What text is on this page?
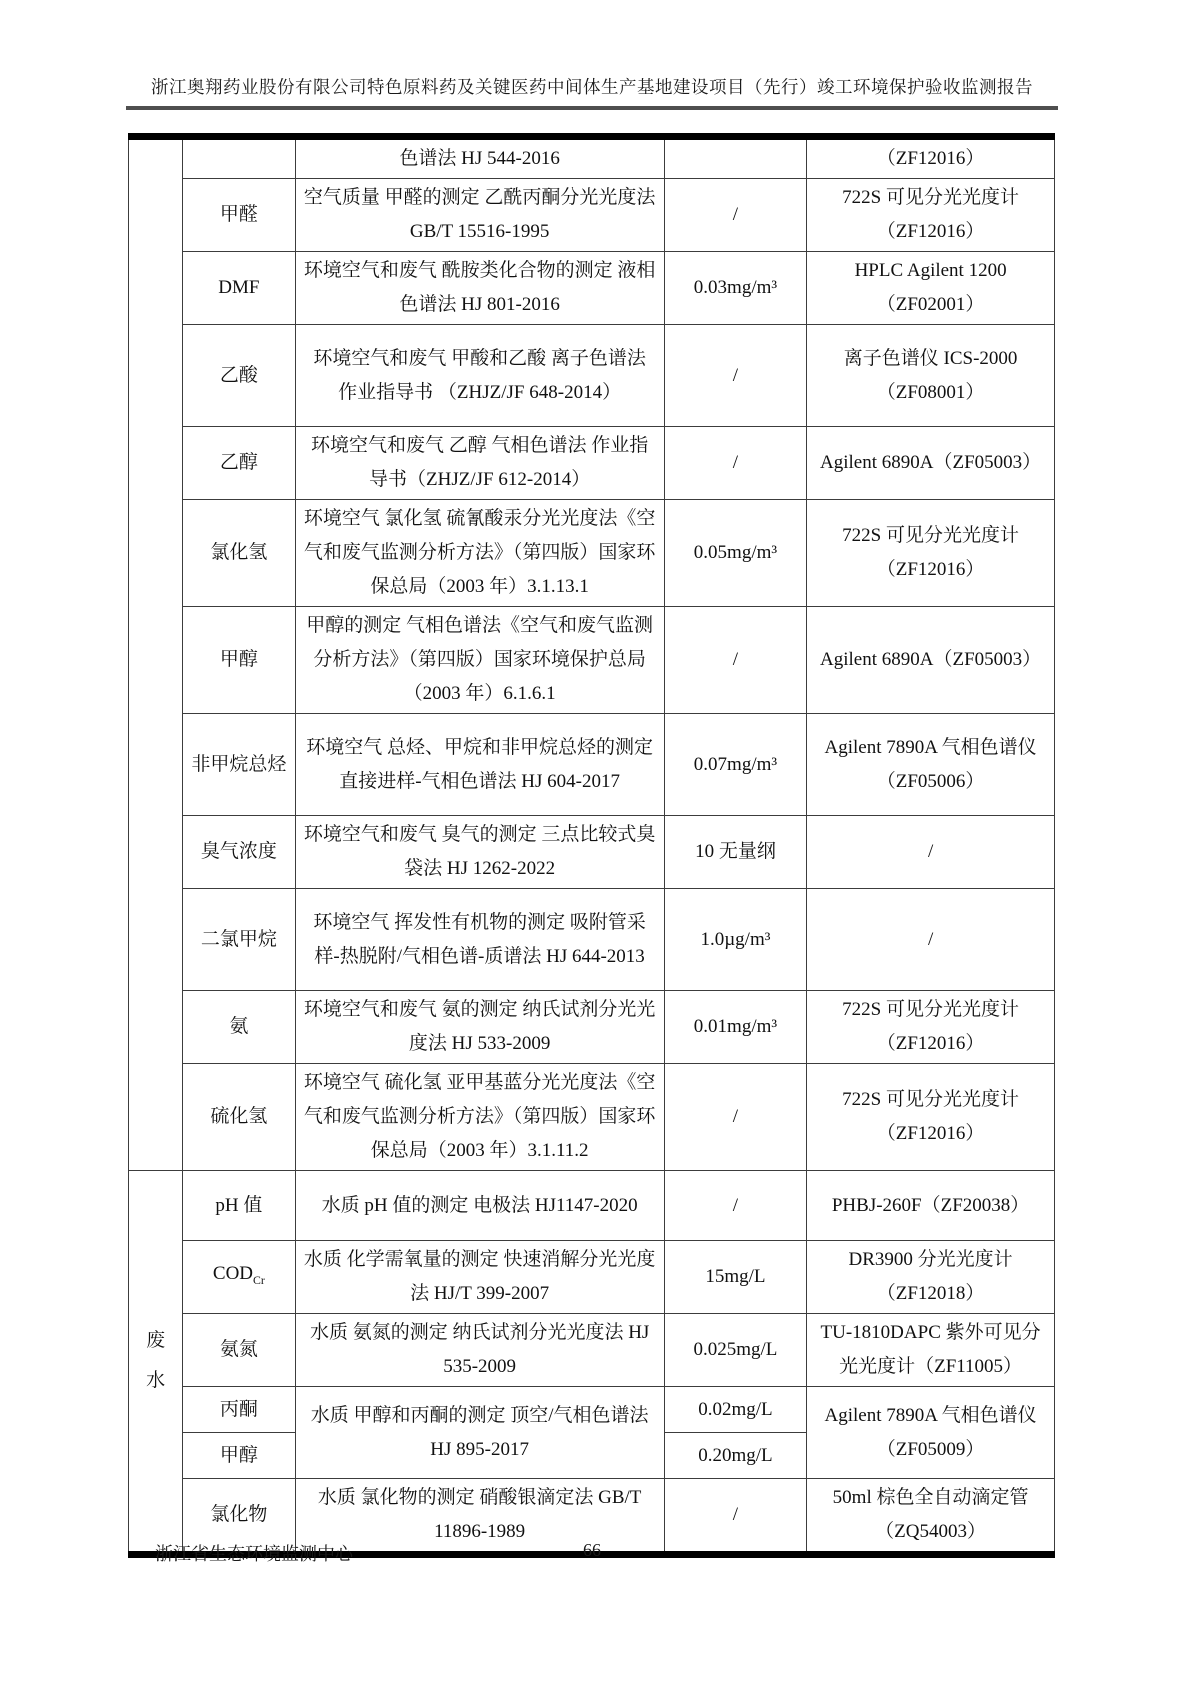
浙江奥翔药业股份有限公司特色原料药及关键医药中间体生产基地建设项目（先行）竣工环境保护验收监测报告
		色谱法 HJ 544-2016		（ZF12016）
	甲醛	空气质量 甲醛的测定 乙酰丙酮分光光度法 GB/T 15516-1995	/	722S 可见分光光度计（ZF12016）
	DMF	环境空气和废气 酰胺类化合物的测定 液相色谱法 HJ 801-2016	0.03mg/m³	HPLC Agilent 1200（ZF02001）
	乙酸	环境空气和废气 甲酸和乙酸 离子色谱法 作业指导书 （ZHJZ/JF 648-2014）	/	离子色谱仪 ICS-2000（ZF08001）
	乙醇	环境空气和废气 乙醇 气相色谱法 作业指导书（ZHJZ/JF 612-2014）	/	Agilent 6890A（ZF05003）
	氯化氢	环境空气 氯化氢 硫氰酸汞分光光度法《空气和废气监测分析方法》（第四版）国家环保总局（2003 年）3.1.13.1	0.05mg/m³	722S 可见分光光度计（ZF12016）
	甲醇	甲醇的测定 气相色谱法《空气和废气监测分析方法》（第四版）国家环境保护总局（2003 年）6.1.6.1	/	Agilent 6890A（ZF05003）
	非甲烷总烃	环境空气 总烃、甲烷和非甲烷总烃的测定 直接进样-气相色谱法 HJ 604-2017	0.07mg/m³	Agilent 7890A 气相色谱仪（ZF05006）
	臭气浓度	环境空气和废气 臭气的测定 三点比较式臭袋法 HJ 1262-2022	10 无量纲	/
	二氯甲烷	环境空气 挥发性有机物的测定 吸附管采样-热脱附/气相色谱-质谱法 HJ 644-2013	1.0µg/m³	/
	氨	环境空气和废气 氨的测定 纳氏试剂分光光度法 HJ 533-2009	0.01mg/m³	722S 可见分光光度计（ZF12016）
	硫化氢	环境空气 硫化氢 亚甲基蓝分光光度法《空气和废气监测分析方法》（第四版）国家环保总局（2003 年）3.1.11.2	/	722S 可见分光光度计（ZF12016）

废水	pH 值	水质 pH 值的测定 电极法 HJ1147-2020	/	PHBJ-260F（ZF20038）
	$COD_{Cr}$	水质 化学需氧量的测定 快速消解分光光度法 HJ/T 399-2007	15mg/L	DR3900 分光光度计（ZF12018）
	氨氮	水质 氨氮的测定 纳氏试剂分光光度法 HJ 535-2009	0.025mg/L	TU-1810DAPC 紫外可见分光光度计（ZF11005）
	丙酮	水质 甲醇和丙酮的测定 顶空/气相色谱法 HJ 895-2017	0.02mg/L	Agilent 7890A 气相色谱仪（ZF05009）
	甲醇		0.20mg/L	
	氯化物	水质 氯化物的测定 硝酸银滴定法 GB/T 11896-1989	/	50ml 棕色全自动滴定管（ZQ54003）
浙江省生态环境监测中心	66
